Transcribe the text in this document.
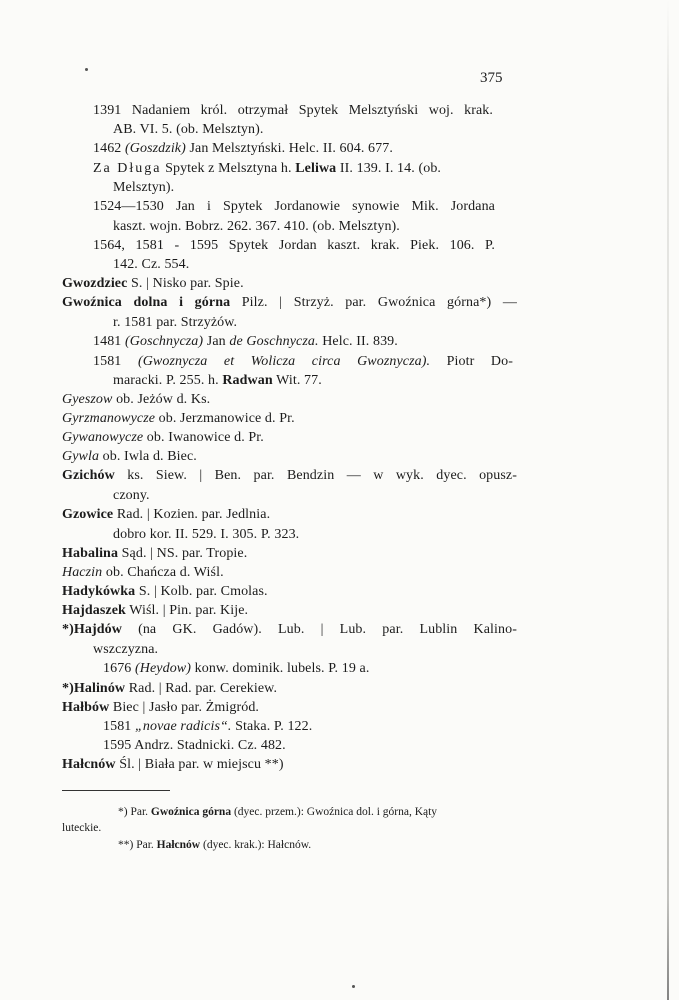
375
1391 Nadaniem król. otrzymał Spytek Melsztyński woj. krak.
AB. VI. 5. (ob. Melsztyn).
1462 (Goszdzik) Jan Melsztyński. Helc. II. 604. 677.
Za Długa Spytek z Melsztyna h. Leliwa II. 139. I. 14. (ob.
Melsztyn).
1524—1530 Jan i Spytek Jordanowie synowie Mik. Jordana
kaszt. wojn. Bobrz. 262. 367. 410. (ob. Melsztyn).
1564, 1581 - 1595 Spytek Jordan kaszt. krak. Piek. 106. P.
142. Cz. 554.
Gwozdziec S. | Nisko par. Spie.
Gwoźnica dolna i górna Pilz. | Strzyż. par. Gwoźnica górna*) —
r. 1581 par. Strzyżów.
1481 (Goschnycza) Jan de Goschnycza. Helc. II. 839.
1581 (Gwoznycza et Wolicza circa Gwoznycza). Piotr Do-
maracki. P. 255. h. Radwan Wit. 77.
Gyeszow ob. Jeżów d. Ks.
Gyrzmanowycze ob. Jerzmanowice d. Pr.
Gywanowycze ob. Iwanowice d. Pr.
Gywla ob. Iwla d. Biec.
Gzichów ks. Siew. | Ben. par. Bendzin — w wyk. dyec. opusz-
czony.
Gzowice Rad. | Kozien. par. Jedlnia.
dobro kor. II. 529. I. 305. P. 323.
Habalina Sąd. | NS. par. Tropie.
Haczin ob. Chańcza d. Wiśl.
Hadykówka S. | Kolb. par. Cmolas.
Hajdaszek Wiśl. | Pin. par. Kije.
*)Hajdów (na GK. Gadów). Lub. | Lub. par. Lublin Kalino-
wszczyzna.
1676 (Heydow) konw. dominik. lubels. P. 19 a.
*)Halinów Rad. | Rad. par. Cerekiew.
Hałbów Biec | Jasło par. Żmigród.
1581 „novae radicis“. Staka. P. 122.
1595 Andrz. Stadnicki. Cz. 482.
Hałcnów Śl. | Biała par. w miejscu **)
*) Par. Gwoźnica górna (dyec. przem.): Gwoźnica dol. i górna, Kąty
luteckie.
**) Par. Hałcnów (dyec. krak.): Hałcnów.
